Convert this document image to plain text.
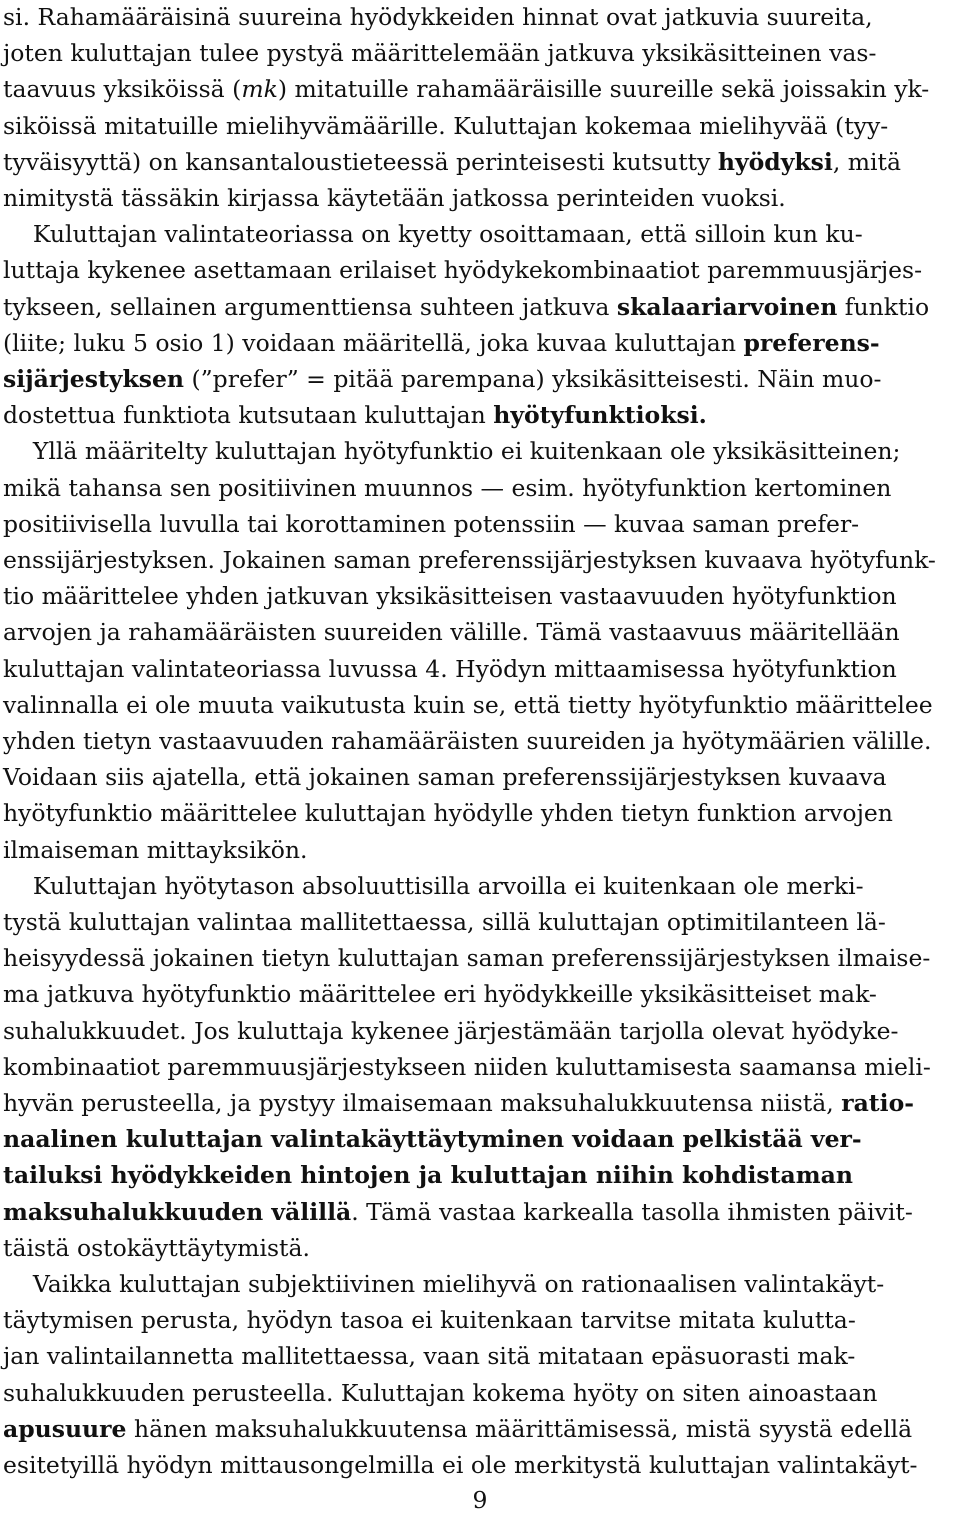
si. Rahamääräisinä suureina hyödykkeiden hinnat ovat jatkuvia suureita,
joten kuluttajan tulee pystyä määrittelemään jatkuva yksikäsitteinen vas-
taavuus yksiköissä (mk) mitatuille rahamääräisille suureille sekä joissakin yk-
siköissä mitatuille mielihyvämäärille. Kuluttajan kokemaa mielihyvää (tyy-
tyväisyyttä) on kansantaloustieteessä perinteisesti kutsutty hyödyksi, mitä
nimitystä tässäkin kirjassa käytetään jatkossa perinteiden vuoksi.
Kuluttajan valintateoriassa on kyetty osoittamaan, että silloin kun ku-
luttaja kykenee asettamaan erilaiset hyödykekombinaatiot paremmuusjärjes-
tykseen, sellainen argumenttiensa suhteen jatkuva skalaariarvoinen funktio
(liite; luku 5 osio 1) voidaan määritellä, joka kuvaa kuluttajan preferens-
sijärjestyksen (”prefer” = pitää parempana) yksikäsitteisesti. Näin muo-
dostettua funktiota kutsutaan kuluttajan hyötyfunktioksi.
Yllä määritelty kuluttajan hyötyfunktio ei kuitenkaan ole yksikäsitteinen;
mikä tahansa sen positiivinen muunnos — esim. hyötyfunktion kertominen
positiivisella luvulla tai korottaminen potenssiin — kuvaa saman prefer-
enssijärjestyksen. Jokainen saman preferenssijärjestyksen kuvaava hyötyfunk-
tio määrittelee yhden jatkuvan yksikäsitteisen vastaavuuden hyötyfunktion
arvojen ja rahamääräisten suureiden välille. Tämä vastaavuus määritellään
kuluttajan valintateoriassa luvussa 4. Hyödyn mittaamisessa hyötyfunktion
valinnalla ei ole muuta vaikutusta kuin se, että tietty hyötyfunktio määrittelee
yhden tietyn vastaavuuden rahamääräisten suureiden ja hyötymäärien välille.
Voidaan siis ajatella, että jokainen saman preferenssijärjestyksen kuvaava
hyötyfunktio määrittelee kuluttajan hyödylle yhden tietyn funktion arvojen
ilmaiseman mittayksikön.
Kuluttajan hyötytason absoluuttisilla arvoilla ei kuitenkaan ole merki-
tystä kuluttajan valintaa mallitettaessa, sillä kuluttajan optimitilanteen lä-
heisyydessä jokainen tietyn kuluttajan saman preferenssijärjestyksen ilmaise-
ma jatkuva hyötyfunktio määrittelee eri hyödykkeille yksikäsitteiset mak-
suhalukkuudet. Jos kuluttaja kykenee järjestämään tarjolla olevat hyödyke-
kombinaatiot paremmuusjärjestykseen niiden kuluttamisesta saamansa mieli-
hyvän perusteella, ja pystyy ilmaisemaan maksuhalukkuutensa niistä, ratio-
naalinen kuluttajan valintakäyttäytyminen voidaan pelkistää ver-
tailuksi hyödykkeiden hintojen ja kuluttajan niihin kohdistaman
maksuhalukkuuden välillä. Tämä vastaa karkealla tasolla ihmisten päivit-
täistä ostokäyttäytymistä.
Vaikka kuluttajan subjektiivinen mielihyvä on rationaalisen valintakäyt-
täytymisen perusta, hyödyn tasoa ei kuitenkaan tarvitse mitata kulutta-
jan valintailannetta mallitettaessa, vaan sitä mitataan epäsuorasti mak-
suhalukkuuden perusteella. Kuluttajan kokema hyöty on siten ainoastaan
apusuure hänen maksuhalukkuutensa määrittämisessä, mistä syystä edellä
esitetyillä hyödyn mittausongelmilla ei ole merkitystä kuluttajan valintakäyt-
9
